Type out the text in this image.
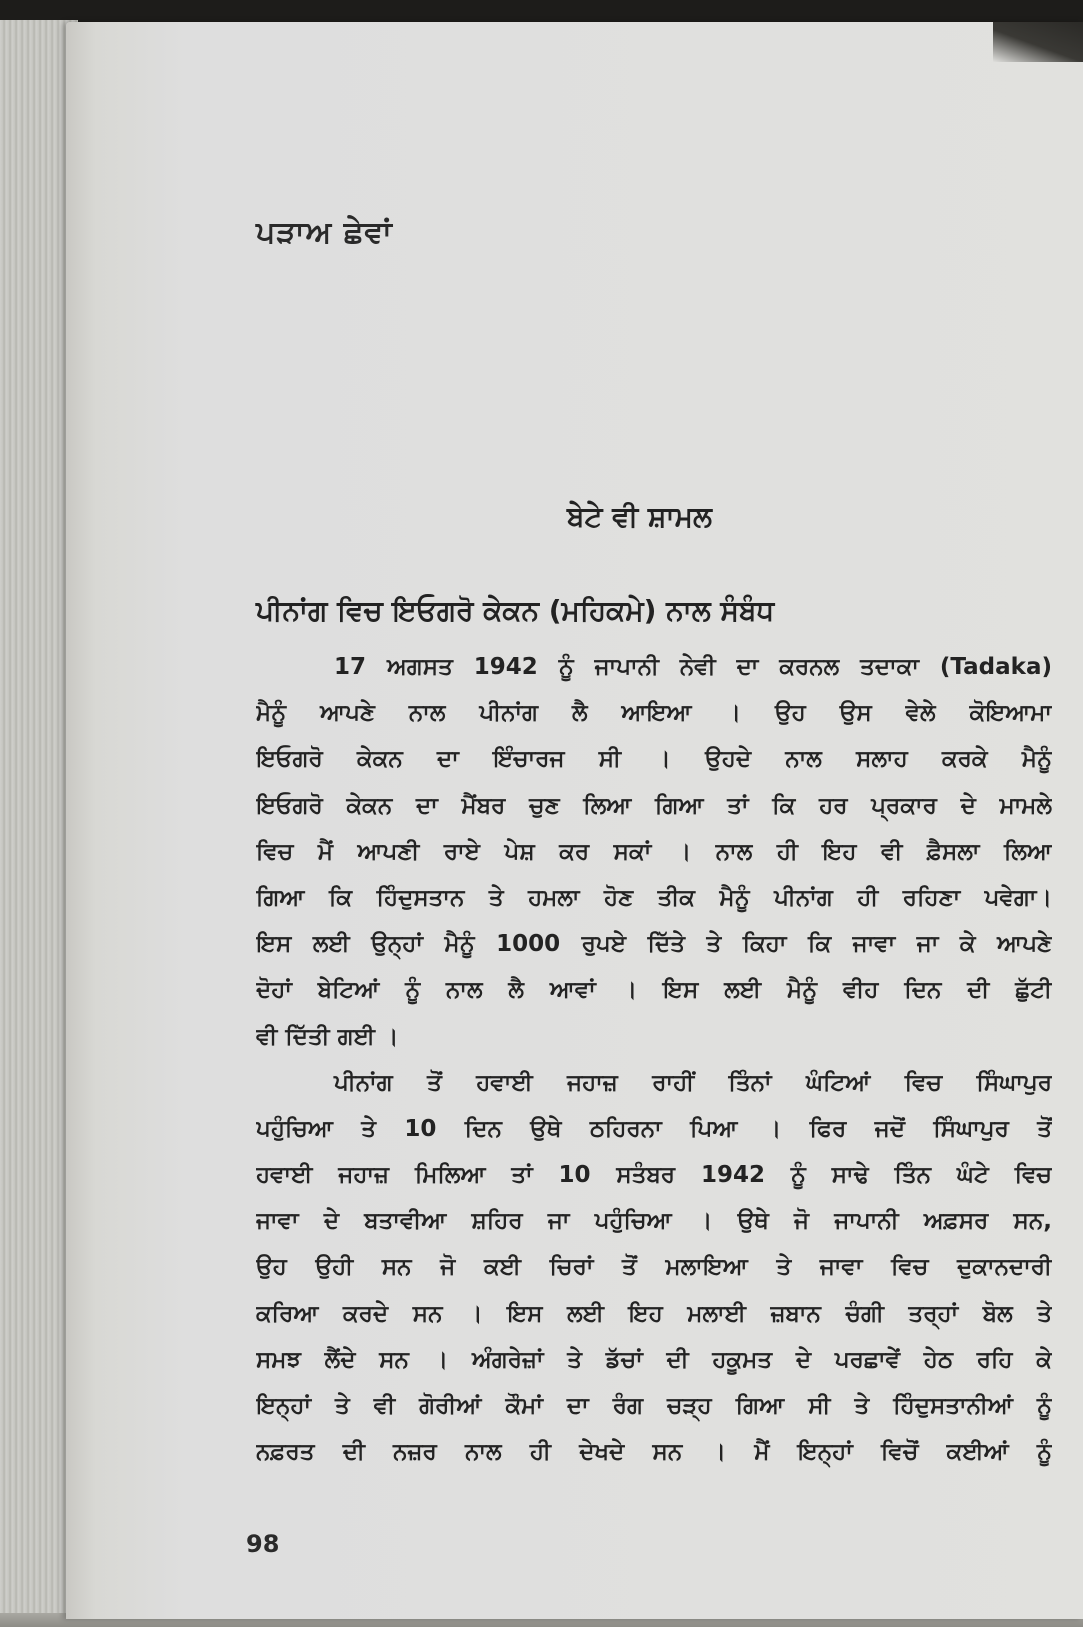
ਪੜਾਅ ਛੇਵਾਂ
ਬੇਟੇ ਵੀ ਸ਼ਾਮਲ
ਪੀਨਾਂਗ ਵਿਚ ਇਓਗਰੋ ਕੇਕਨ (ਮਹਿਕਮੇ) ਨਾਲ ਸੰਬੰਧ
17 ਅਗਸਤ 1942 ਨੂੰ ਜਾਪਾਨੀ ਨੇਵੀ ਦਾ ਕਰਨਲ ਤਦਾਕਾ (Tadaka)
ਮੈਨੂੰ ਆਪਣੇ ਨਾਲ ਪੀਨਾਂਗ ਲੈ ਆਇਆ । ਉਹ ਉਸ ਵੇਲੇ ਕੋਇਆਮਾ
ਇਓਗਰੋ ਕੇਕਨ ਦਾ ਇੰਚਾਰਜ ਸੀ । ਉਹਦੇ ਨਾਲ ਸਲਾਹ ਕਰਕੇ ਮੈਨੂੰ
ਇਓਗਰੋ ਕੇਕਨ ਦਾ ਮੈਂਬਰ ਚੁਣ ਲਿਆ ਗਿਆ ਤਾਂ ਕਿ ਹਰ ਪ੍ਰਕਾਰ ਦੇ ਮਾਮਲੇ
ਵਿਚ ਮੈਂ ਆਪਣੀ ਰਾਏ ਪੇਸ਼ ਕਰ ਸਕਾਂ । ਨਾਲ ਹੀ ਇਹ ਵੀ ਫ਼ੈਸਲਾ ਲਿਆ
ਗਿਆ ਕਿ ਹਿੰਦੁਸਤਾਨ ਤੇ ਹਮਲਾ ਹੋਣ ਤੀਕ ਮੈਨੂੰ ਪੀਨਾਂਗ ਹੀ ਰਹਿਣਾ ਪਵੇਗਾ।
ਇਸ ਲਈ ਉਨ੍ਹਾਂ ਮੈਨੂੰ 1000 ਰੁਪਏ ਦਿੱਤੇ ਤੇ ਕਿਹਾ ਕਿ ਜਾਵਾ ਜਾ ਕੇ ਆਪਣੇ
ਦੋਹਾਂ ਬੇਟਿਆਂ ਨੂੰ ਨਾਲ ਲੈ ਆਵਾਂ । ਇਸ ਲਈ ਮੈਨੂੰ ਵੀਹ ਦਿਨ ਦੀ ਛੁੱਟੀ
ਵੀ ਦਿੱਤੀ ਗਈ ।
ਪੀਨਾਂਗ ਤੋਂ ਹਵਾਈ ਜਹਾਜ਼ ਰਾਹੀਂ ਤਿੰਨਾਂ ਘੰਟਿਆਂ ਵਿਚ ਸਿੰਘਾਪੁਰ
ਪਹੁੰਚਿਆ ਤੇ 10 ਦਿਨ ਉਥੇ ਠਹਿਰਨਾ ਪਿਆ । ਫਿਰ ਜਦੋਂ ਸਿੰਘਾਪੁਰ ਤੋਂ
ਹਵਾਈ ਜਹਾਜ਼ ਮਿਲਿਆ ਤਾਂ 10 ਸਤੰਬਰ 1942 ਨੂੰ ਸਾਢੇ ਤਿੰਨ ਘੰਟੇ ਵਿਚ
ਜਾਵਾ ਦੇ ਬਤਾਵੀਆ ਸ਼ਹਿਰ ਜਾ ਪਹੁੰਚਿਆ । ਉਥੇ ਜੋ ਜਾਪਾਨੀ ਅਫ਼ਸਰ ਸਨ,
ਉਹ ਉਹੀ ਸਨ ਜੋ ਕਈ ਚਿਰਾਂ ਤੋਂ ਮਲਾਇਆ ਤੇ ਜਾਵਾ ਵਿਚ ਦੁਕਾਨਦਾਰੀ
ਕਰਿਆ ਕਰਦੇ ਸਨ । ਇਸ ਲਈ ਇਹ ਮਲਾਈ ਜ਼ਬਾਨ ਚੰਗੀ ਤਰ੍ਹਾਂ ਬੋਲ ਤੇ
ਸਮਝ ਲੈਂਦੇ ਸਨ । ਅੰਗਰੇਜ਼ਾਂ ਤੇ ਡੱਚਾਂ ਦੀ ਹਕੂਮਤ ਦੇ ਪਰਛਾਵੇਂ ਹੇਠ ਰਹਿ ਕੇ
ਇਨ੍ਹਾਂ ਤੇ ਵੀ ਗੋਰੀਆਂ ਕੌਮਾਂ ਦਾ ਰੰਗ ਚੜ੍ਹ ਗਿਆ ਸੀ ਤੇ ਹਿੰਦੁਸਤਾਨੀਆਂ ਨੂੰ
ਨਫ਼ਰਤ ਦੀ ਨਜ਼ਰ ਨਾਲ ਹੀ ਦੇਖਦੇ ਸਨ । ਮੈਂ ਇਨ੍ਹਾਂ ਵਿਚੋਂ ਕਈਆਂ ਨੂੰ
98
